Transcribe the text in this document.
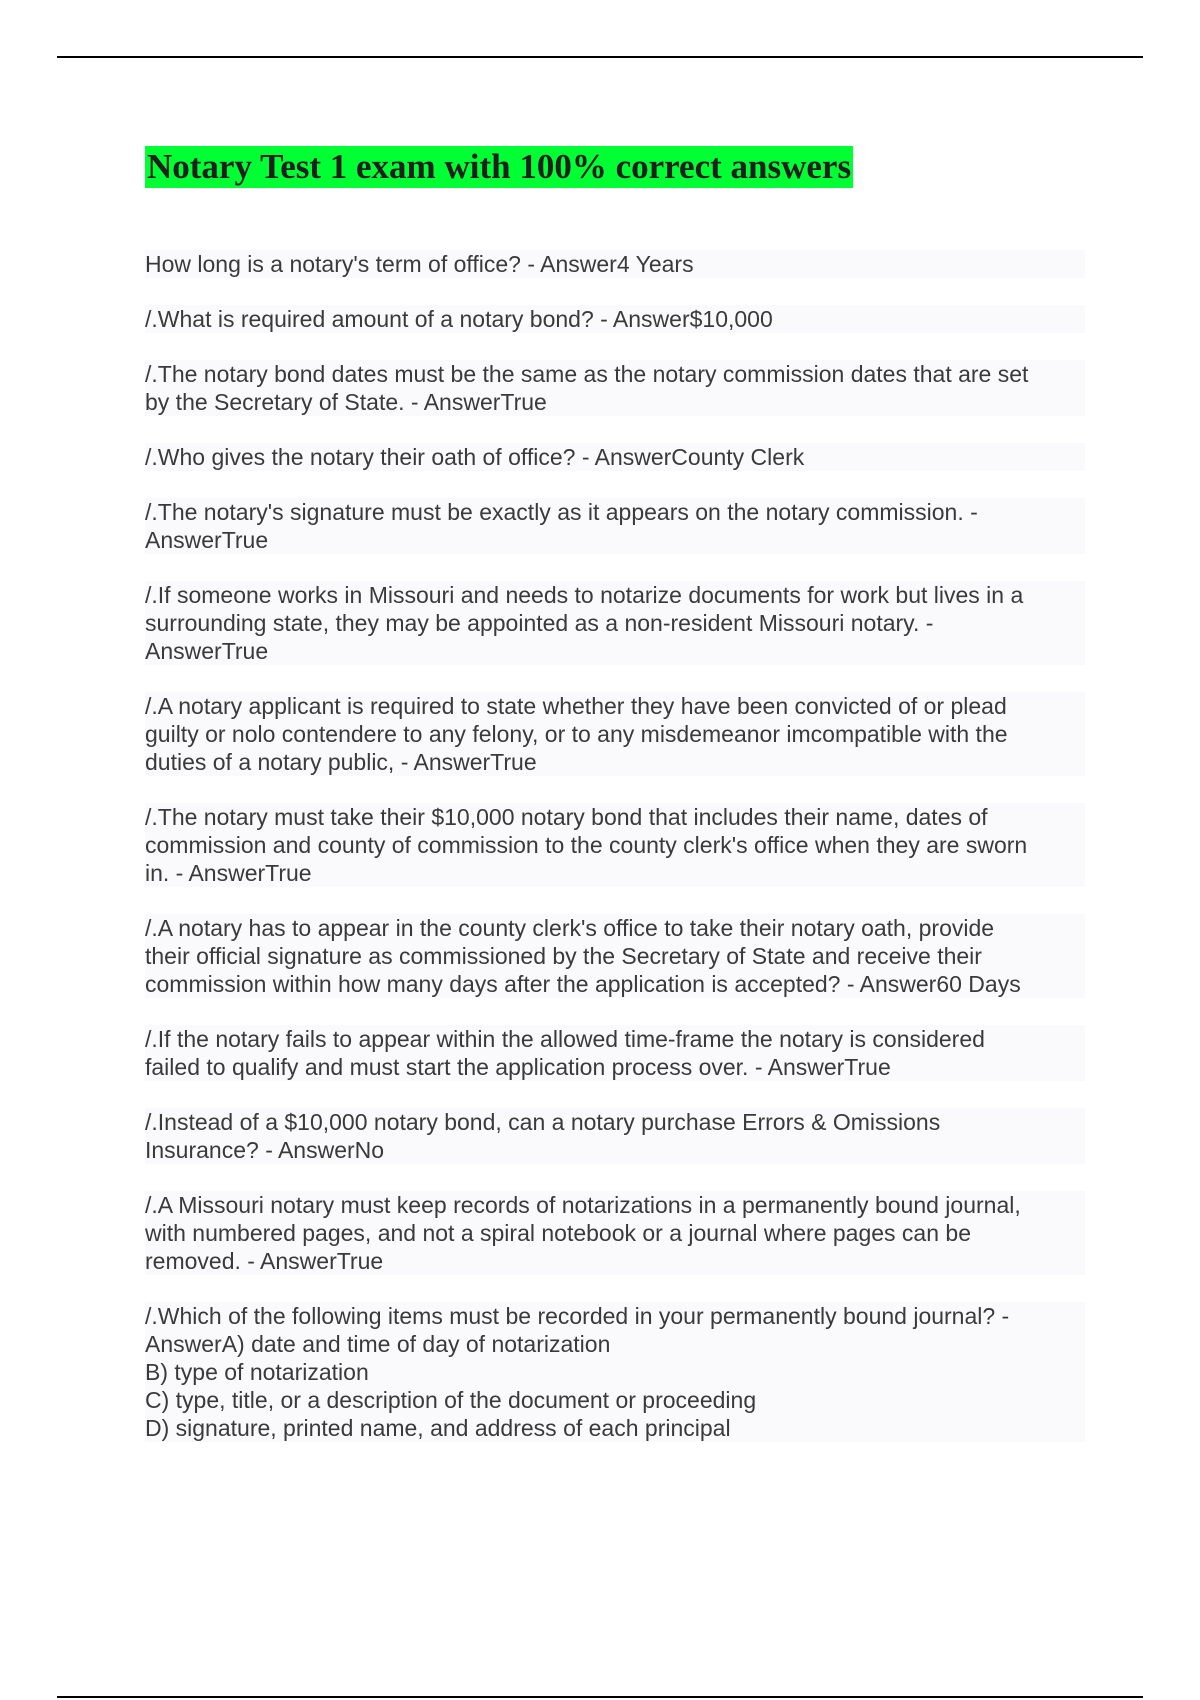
Notary Test 1 exam with 100% correct answers
How long is a notary's term of office? - Answer4 Years
/.What is required amount of a notary bond? - Answer$10,000
/.The notary bond dates must be the same as the notary commission dates that are set
by the Secretary of State. - AnswerTrue
/.Who gives the notary their oath of office? - AnswerCounty Clerk
/.The notary's signature must be exactly as it appears on the notary commission. -
AnswerTrue
/.If someone works in Missouri and needs to notarize documents for work but lives in a
surrounding state, they may be appointed as a non-resident Missouri notary. -
AnswerTrue
/.A notary applicant is required to state whether they have been convicted of or plead
guilty or nolo contendere to any felony, or to any misdemeanor imcompatible with the
duties of a notary public, - AnswerTrue
/.The notary must take their $10,000 notary bond that includes their name, dates of
commission and county of commission to the county clerk's office when they are sworn
in. - AnswerTrue
/.A notary has to appear in the county clerk's office to take their notary oath, provide
their official signature as commissioned by the Secretary of State and receive their
commission within how many days after the application is accepted? - Answer60 Days
/.If the notary fails to appear within the allowed time-frame the notary is considered
failed to qualify and must start the application process over. - AnswerTrue
/.Instead of a $10,000 notary bond, can a notary purchase Errors & Omissions
Insurance? - AnswerNo
/.A Missouri notary must keep records of notarizations in a permanently bound journal,
with numbered pages, and not a spiral notebook or a journal where pages can be
removed. - AnswerTrue
/.Which of the following items must be recorded in your permanently bound journal? -
AnswerA) date and time of day of notarization
B) type of notarization
C) type, title, or a description of the document or proceeding
D) signature, printed name, and address of each principal
